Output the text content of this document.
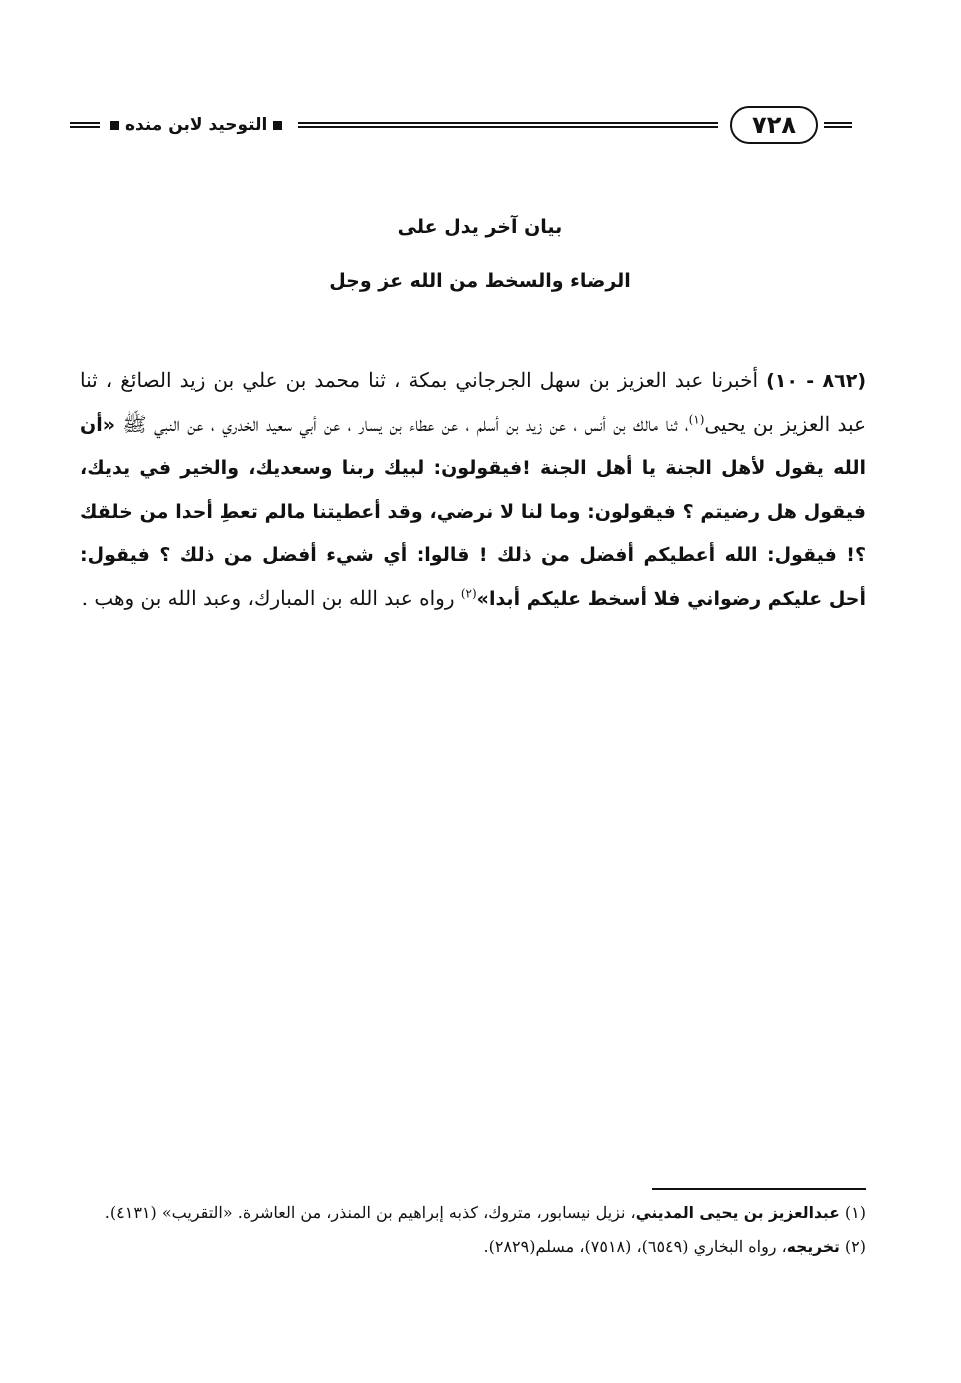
٧٢٨
التوحيد لابن منده
بيان آخر يدل على
الرضاء والسخط من الله عز وجل
(٨٦٢ - ١٠) أخبرنا عبد العزيز بن سهل الجرجاني بمكة ، ثنا محمد بن علي بن زيد الصائغ ، ثنا عبد العزيز بن يحيى$^{(١)}$، ثنا مالك بن أنس ، عن زيد بن أسلم ، عن عطاء بن يسار ، عن أبي سعيد الخدري ، عن النبي ﷺ «أن الله يقول لأهل الجنة يا أهل الجنة !فيقولون: لبيك ربنا وسعديك، والخير في يديك، فيقول هل رضيتم ؟ فيقولون: وما لنا لا نرضي، وقد أعطيتنا مالم تعطِ أحدا من خلقك ؟! فيقول: الله أعطيكم أفضل من ذلك ! قالوا: أي شيء أفضل من ذلك ؟ فيقول: أحل عليكم رضواني فلا أسخط عليكم أبدا»$^{(٢)}$ رواه عبد الله بن المبارك، وعبد الله بن وهب .

(١) عبدالعزيز بن يحيى المديني، نزيل نيسابور، متروك، كذبه إبراهيم بن المنذر، من العاشرة. «التقريب» (٤١٣١).

(٢) تخريجه، رواه البخاري (٦٥٤٩)، (٧٥١٨)، مسلم(٢٨٢٩).
